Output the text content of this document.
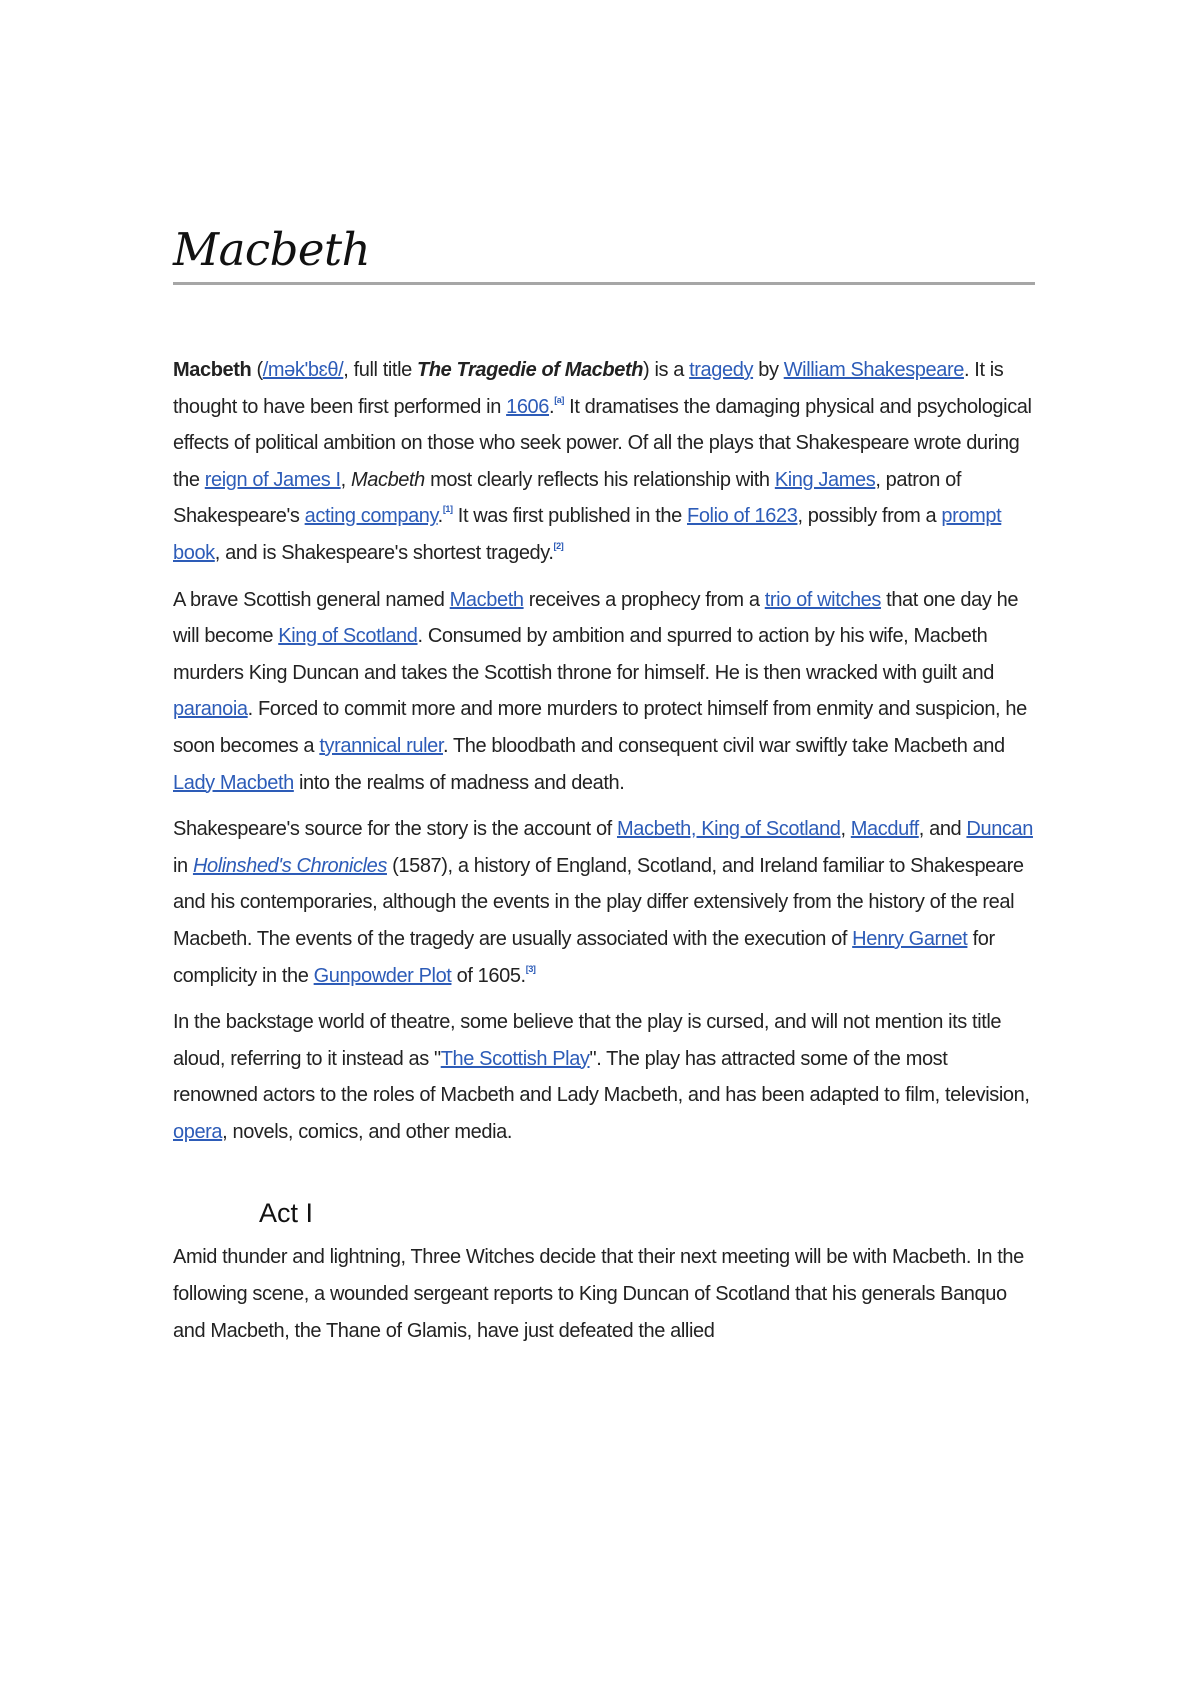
Macbeth

Macbeth (/mək'bɛθ/, full title The Tragedie of Macbeth) is a tragedy by William Shakespeare. It is thought to have been first performed in 1606.[a] It dramatises the damaging physical and psychological effects of political ambition on those who seek power. Of all the plays that Shakespeare wrote during the reign of James I, Macbeth most clearly reflects his relationship with King James, patron of Shakespeare's acting company.[1] It was first published in the Folio of 1623, possibly from a prompt book, and is Shakespeare's shortest tragedy.[2]

A brave Scottish general named Macbeth receives a prophecy from a trio of witches that one day he will become King of Scotland. Consumed by ambition and spurred to action by his wife, Macbeth murders King Duncan and takes the Scottish throne for himself. He is then wracked with guilt and paranoia. Forced to commit more and more murders to protect himself from enmity and suspicion, he soon becomes a tyrannical ruler. The bloodbath and consequent civil war swiftly take Macbeth and Lady Macbeth into the realms of madness and death.

Shakespeare's source for the story is the account of Macbeth, King of Scotland, Macduff, and Duncan in Holinshed's Chronicles (1587), a history of England, Scotland, and Ireland familiar to Shakespeare and his contemporaries, although the events in the play differ extensively from the history of the real Macbeth. The events of the tragedy are usually associated with the execution of Henry Garnet for complicity in the Gunpowder Plot of 1605.[3]

In the backstage world of theatre, some believe that the play is cursed, and will not mention its title aloud, referring to it instead as "The Scottish Play". The play has attracted some of the most renowned actors to the roles of Macbeth and Lady Macbeth, and has been adapted to film, television, opera, novels, comics, and other media.

Act I

Amid thunder and lightning, Three Witches decide that their next meeting will be with Macbeth. In the following scene, a wounded sergeant reports to King Duncan of Scotland that his generals Banquo and Macbeth, the Thane of Glamis, have just defeated the allied
